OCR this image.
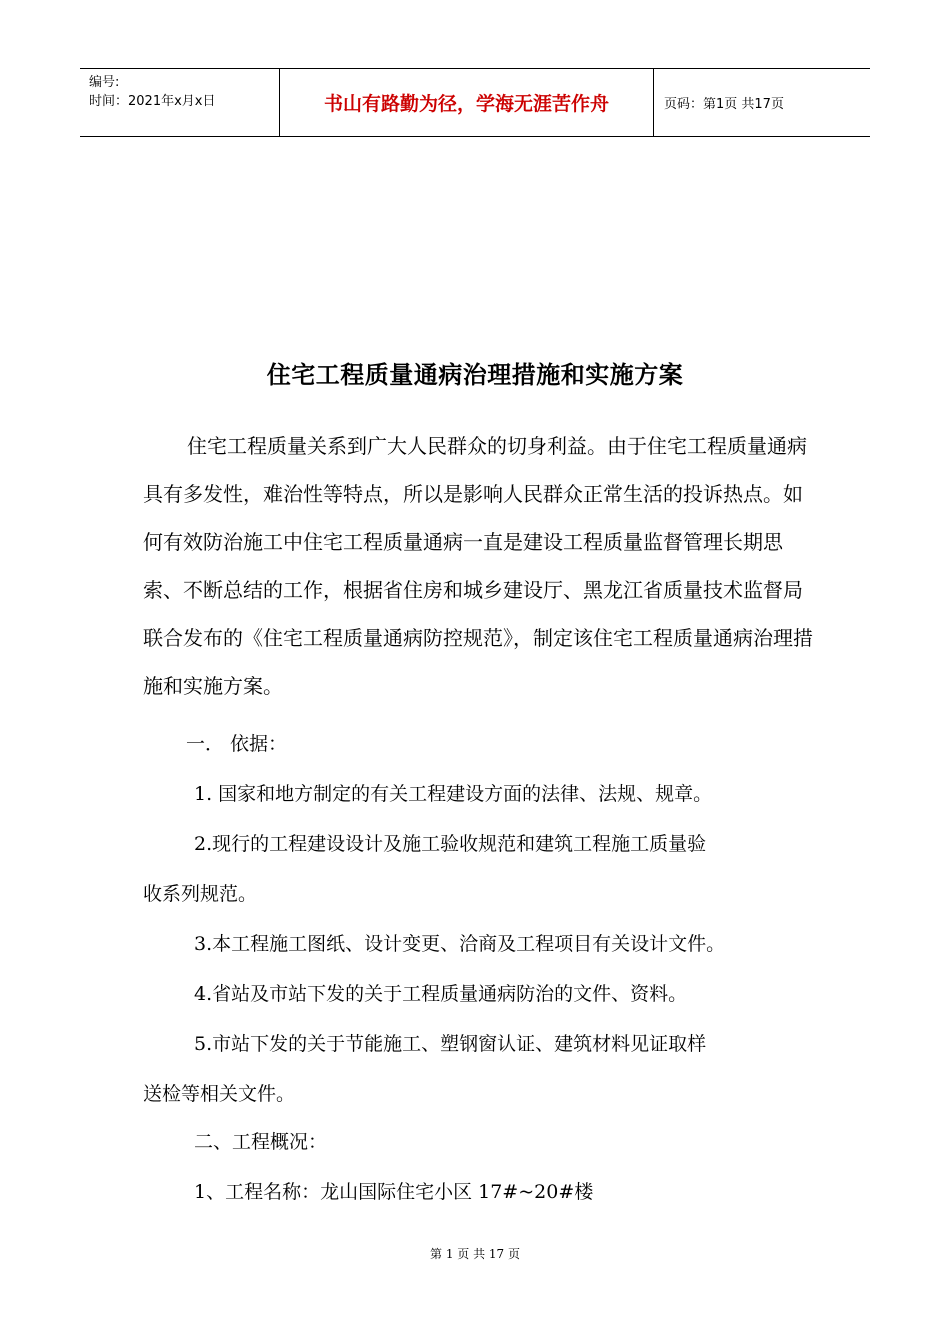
编号:
时间：2021年x月x日	书山有路勤为径，学海无涯苦作舟	页码：第1页 共17页
住宅工程质量通病治理措施和实施方案
住宅工程质量关系到广大人民群众的切身利益。由于住宅工程质量通病具有多发性，难治性等特点，所以是影响人民群众正常生活的投诉热点。如何有效防治施工中住宅工程质量通病一直是建设工程质量监督管理长期思索、不断总结的工作，根据省住房和城乡建设厅、黑龙江省质量技术监督局联合发布的《住宅工程质量通病防控规范》，制定该住宅工程质量通病治理措施和实施方案。
一． 依据：
1. 国家和地方制定的有关工程建设方面的法律、法规、规章。
2.现行的工程建设设计及施工验收规范和建筑工程施工质量验
收系列规范。
3.本工程施工图纸、设计变更、洽商及工程项目有关设计文件。
4.省站及市站下发的关于工程质量通病防治的文件、资料。
5.市站下发的关于节能施工、塑钢窗认证、建筑材料见证取样
送检等相关文件。
二、工程概况：
1、工程名称：龙山国际住宅小区 17#~20#楼
第 1 页 共 17 页
